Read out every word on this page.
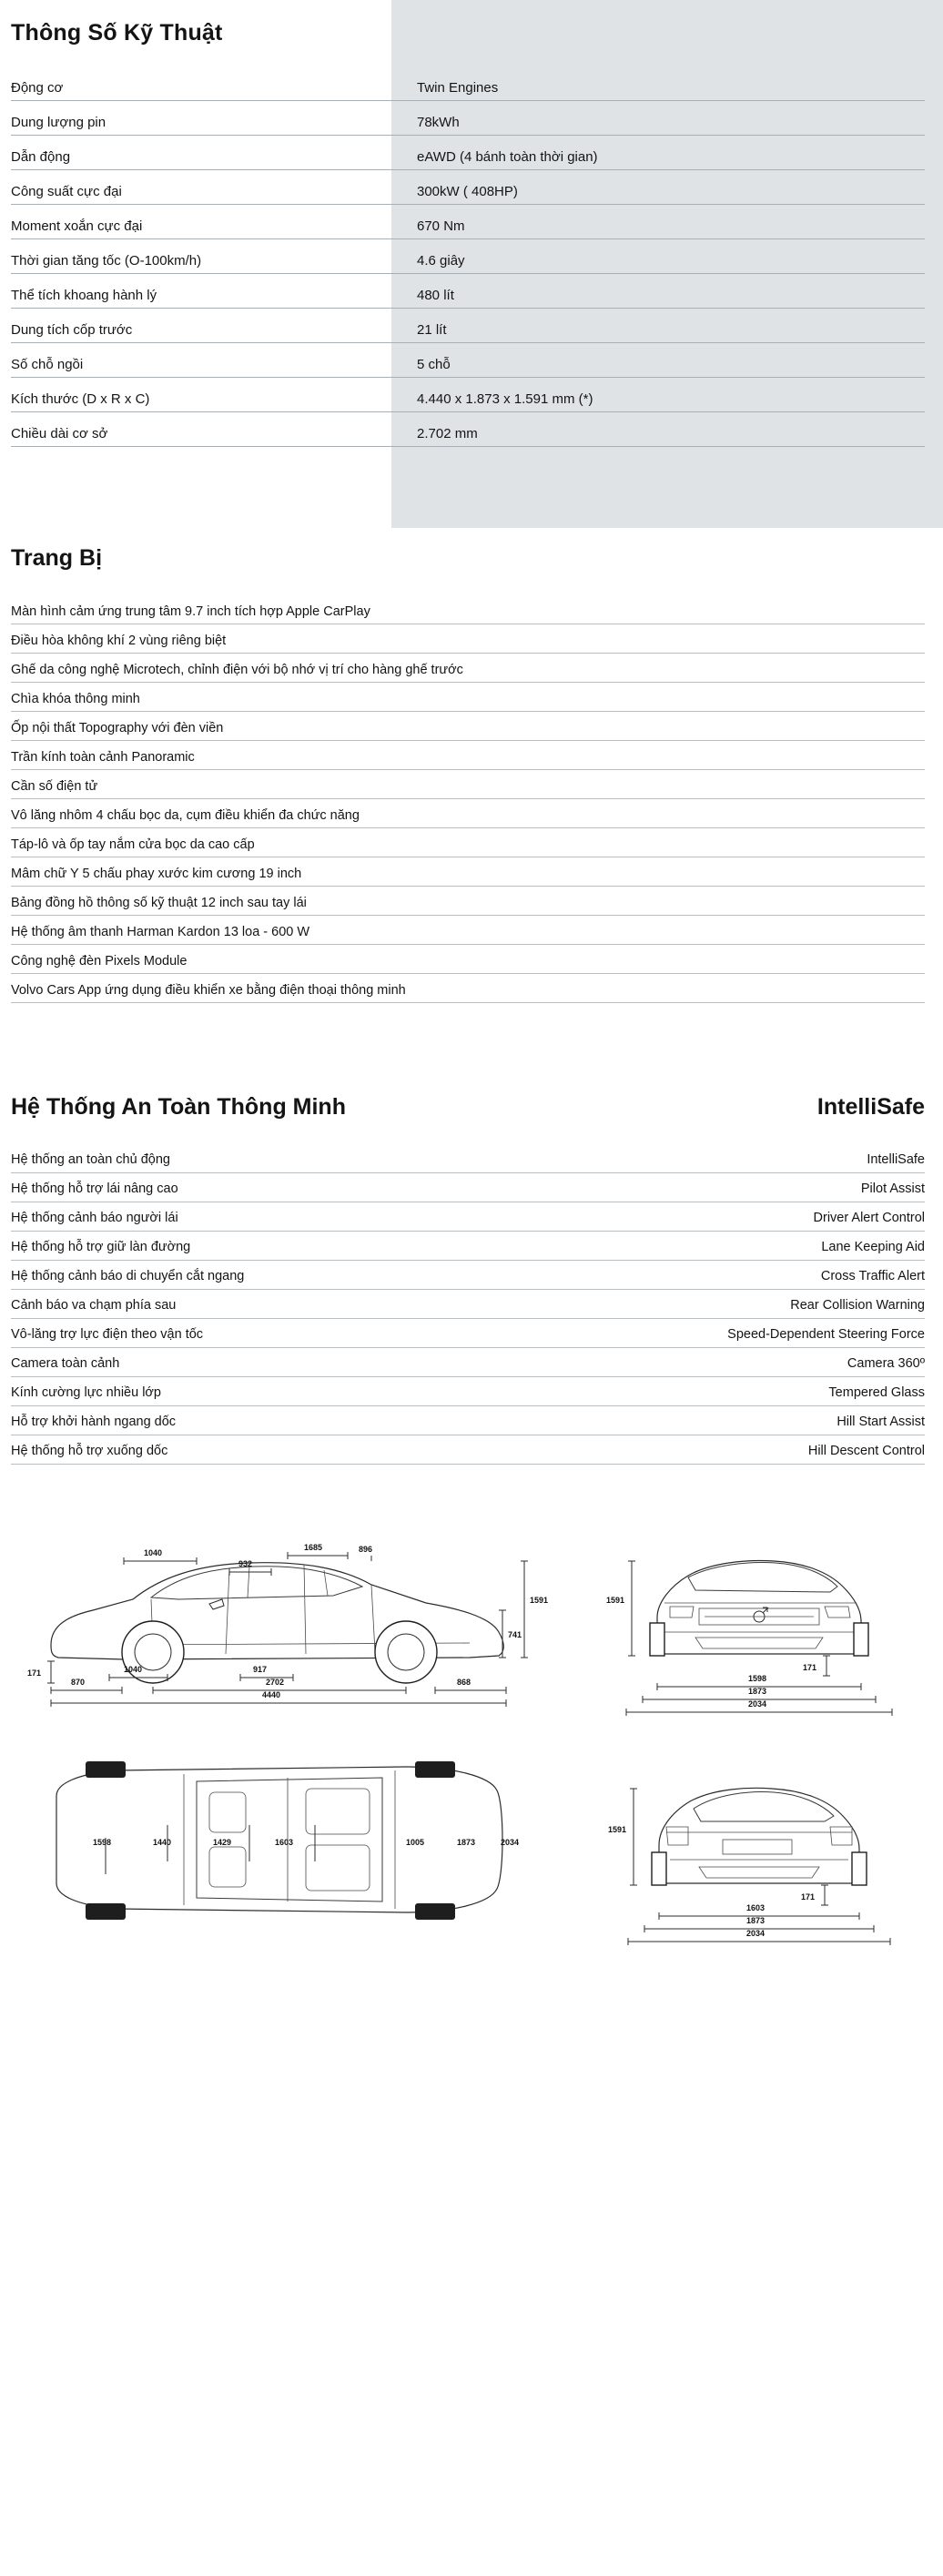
Thông Số Kỹ Thuật
Động cơ	Twin Engines
Dung lượng pin	78kWh
Dẫn động	eAWD (4 bánh toàn thời gian)
Công suất cực đại	300kW ( 408HP)
Moment xoắn cực đại	670 Nm
Thời gian tăng tốc (O-100km/h)	4.6 giây
Thể tích khoang hành lý	480 lít
Dung tích cốp trước	21 lít
Số chỗ ngồi	5 chỗ
Kích thước (D x R x C)	4.440 x 1.873 x 1.591 mm (*)
Chiều dài cơ sở	2.702 mm
Trang Bị
Màn hình cảm ứng trung tâm 9.7 inch tích hợp Apple CarPlay
Điều hòa không khí 2 vùng riêng biệt
Ghế da công nghệ Microtech, chỉnh điện với bộ nhớ vị trí cho hàng ghế trước
Chìa khóa thông minh
Ốp nội thất Topography với đèn viền
Trần kính toàn cảnh Panoramic
Cần số điện tử
Vô lăng nhôm 4 chấu bọc da, cụm điều khiển đa chức năng
Táp-lô và ốp tay nắm cửa bọc da cao cấp
Mâm chữ Y 5 chấu phay xước kim cương 19 inch
Bảng đồng hồ thông số kỹ thuật 12 inch sau tay lái
Hệ thống âm thanh Harman Kardon 13 loa - 600 W
Công nghệ đèn Pixels Module
Volvo Cars App ứng dụng điều khiển xe bằng điện thoại thông minh
Hệ Thống An Toàn Thông Minh	IntelliSafe
Hệ thống an toàn chủ động	IntelliSafe
Hệ thống hỗ trợ lái nâng cao	Pilot Assist
Hệ thống cảnh báo người lái	Driver Alert Control
Hệ thống hỗ trợ giữ làn đường	Lane Keeping Aid
Hệ thống cảnh báo di chuyển cắt ngang	Cross Traffic Alert
Cảnh báo va chạm phía sau	Rear Collision Warning
Vô-lăng trợ lực điện theo vận tốc	Speed-Dependent Steering Force
Camera toàn cảnh	Camera 360º
Kính cường lực nhiều lớp	Tempered Glass
Hỗ trợ khởi hành ngang dốc	Hill Start Assist
Hệ thống hỗ trợ xuống dốc	Hill Descent Control
1040
932
1685
1591
741
171	1040	917
896
870	2702	868
4440
1591
171
1598
1873
2034
1598	1440	1429	1603	1005	1873	2034
1591
171
1603
1873
2034
